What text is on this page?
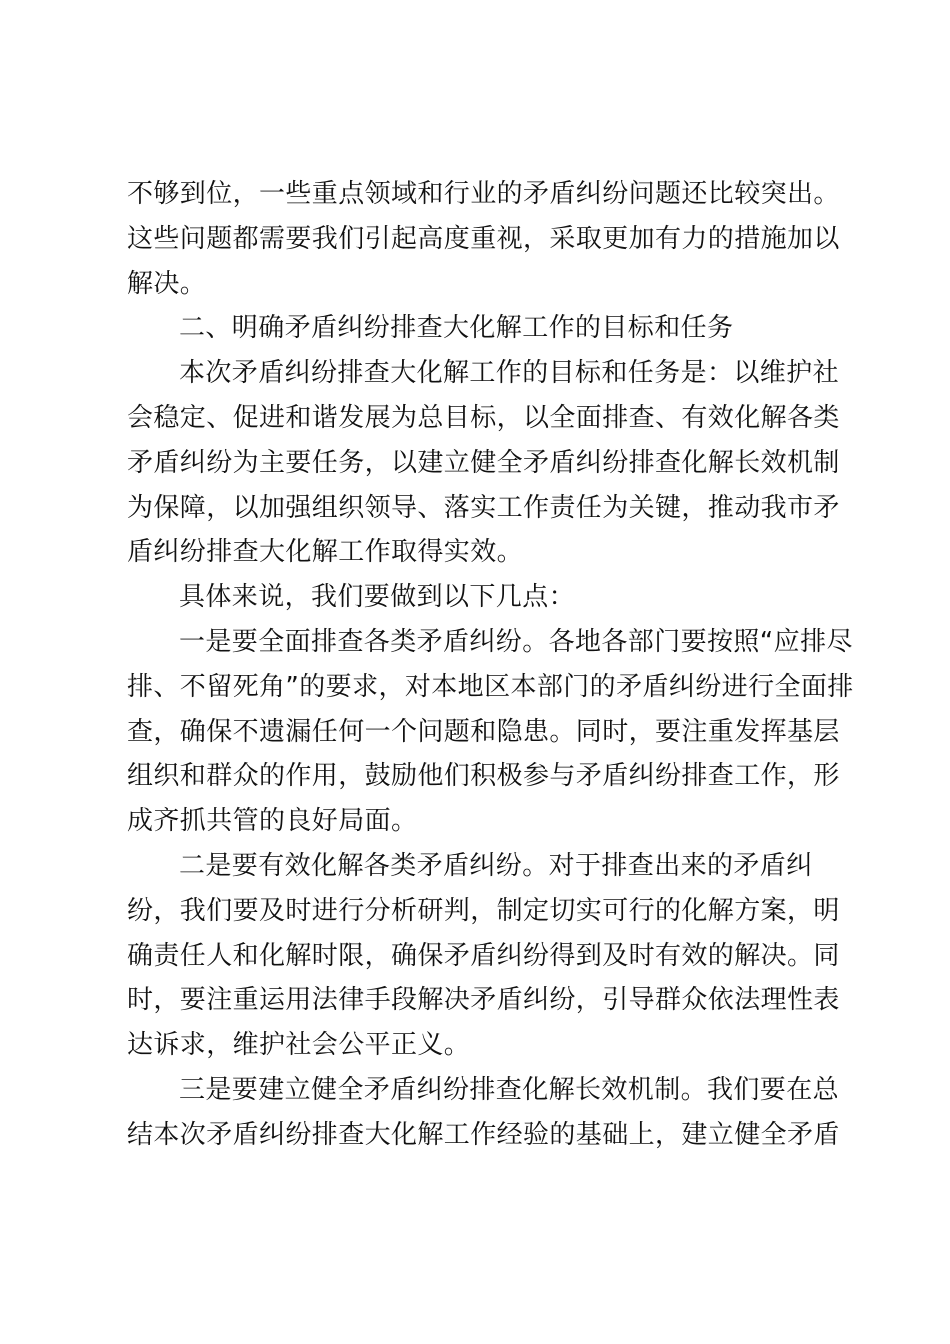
不够到位，一些重点领域和行业的矛盾纠纷问题还比较突出。
这些问题都需要我们引起高度重视，采取更加有力的措施加以
解决。
二、明确矛盾纠纷排查大化解工作的目标和任务
本次矛盾纠纷排查大化解工作的目标和任务是：以维护社
会稳定、促进和谐发展为总目标，以全面排查、有效化解各类
矛盾纠纷为主要任务，以建立健全矛盾纠纷排查化解长效机制
为保障，以加强组织领导、落实工作责任为关键，推动我市矛
盾纠纷排查大化解工作取得实效。
具体来说，我们要做到以下几点：
一是要全面排查各类矛盾纠纷。各地各部门要按照“应排尽
排、不留死角”的要求，对本地区本部门的矛盾纠纷进行全面排
查，确保不遗漏任何一个问题和隐患。同时，要注重发挥基层
组织和群众的作用，鼓励他们积极参与矛盾纠纷排查工作，形
成齐抓共管的良好局面。
二是要有效化解各类矛盾纠纷。对于排查出来的矛盾纠
纷，我们要及时进行分析研判，制定切实可行的化解方案，明
确责任人和化解时限，确保矛盾纠纷得到及时有效的解决。同
时，要注重运用法律手段解决矛盾纠纷，引导群众依法理性表
达诉求，维护社会公平正义。
三是要建立健全矛盾纠纷排查化解长效机制。我们要在总
结本次矛盾纠纷排查大化解工作经验的基础上，建立健全矛盾
